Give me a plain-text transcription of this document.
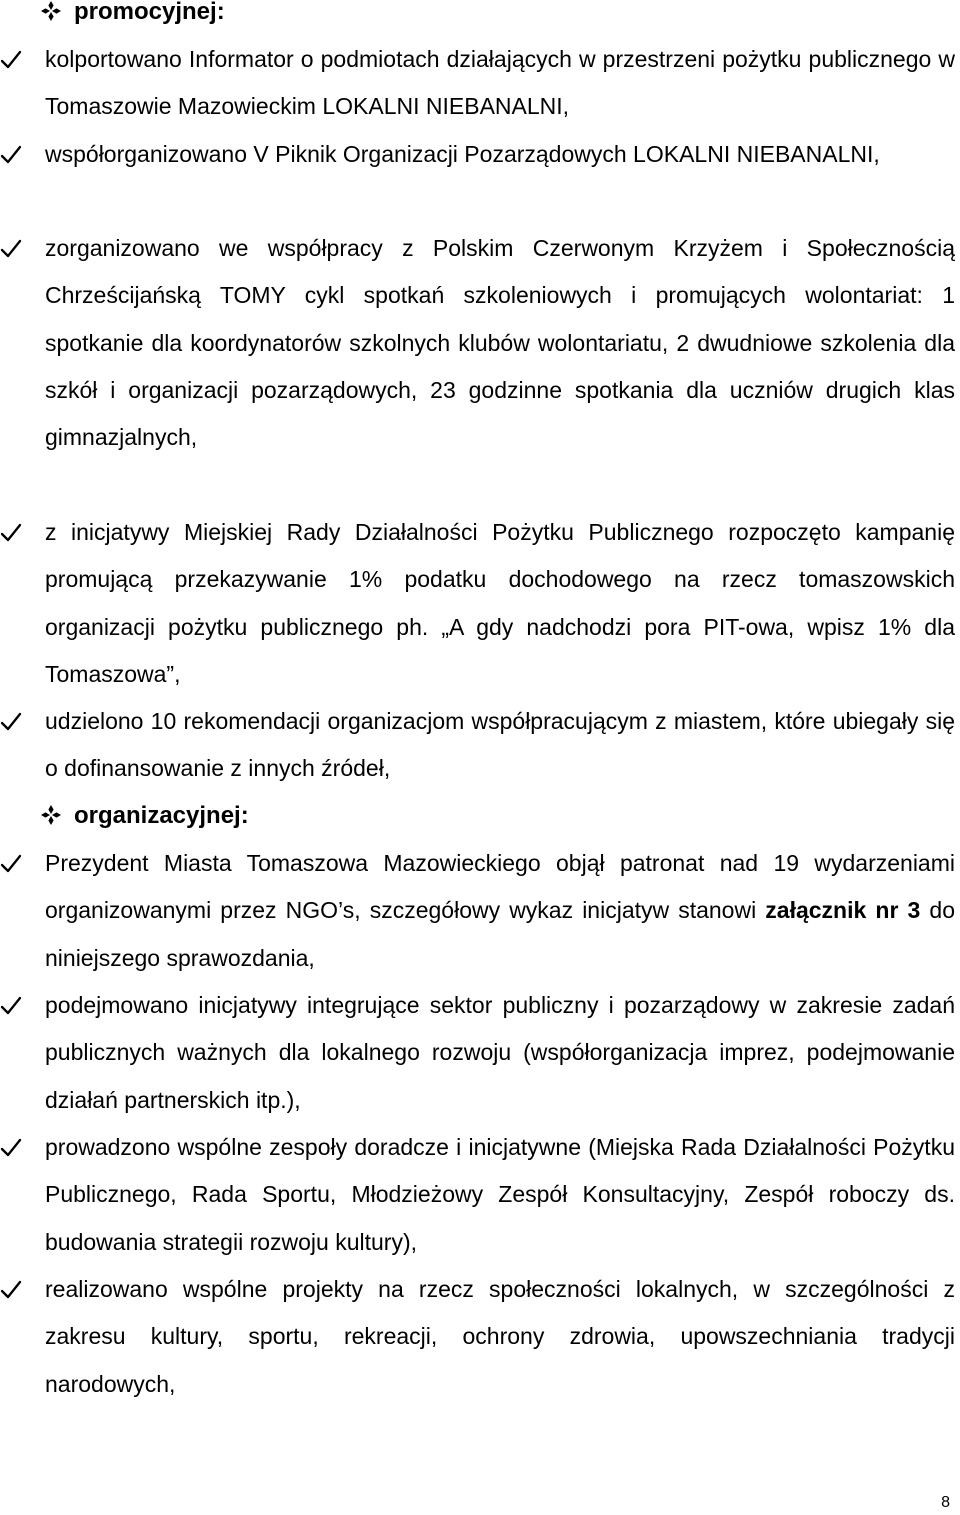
promocyjnej:

kolportowano Informator o podmiotach działających w przestrzeni pożytku publicznego w Tomaszowie Mazowieckim LOKALNI NIEBANALNI,

współorganizowano V Piknik Organizacji Pozarządowych LOKALNI NIEBANALNI,

zorganizowano we współpracy z Polskim Czerwonym Krzyżem i Społecznością Chrześcijańską TOMY cykl spotkań szkoleniowych i promujących wolontariat: 1 spotkanie dla koordynatorów szkolnych klubów wolontariatu, 2 dwudniowe szkolenia dla szkół i organizacji pozarządowych, 23 godzinne spotkania dla uczniów drugich klas gimnazjalnych,

z inicjatywy Miejskiej Rady Działalności Pożytku Publicznego rozpoczęto kampanię promującą przekazywanie 1% podatku dochodowego na rzecz tomaszowskich organizacji pożytku publicznego ph. „A gdy nadchodzi pora PIT-owa, wpisz 1% dla Tomaszowa”,

udzielono 10 rekomendacji organizacjom współpracującym z miastem, które ubiegały się o dofinansowanie z innych źródeł,

organizacyjnej:

Prezydent Miasta Tomaszowa Mazowieckiego objął patronat nad 19 wydarzeniami organizowanymi przez NGO’s, szczegółowy wykaz inicjatyw stanowi załącznik nr 3 do niniejszego sprawozdania,

podejmowano inicjatywy integrujące sektor publiczny i pozarządowy w zakresie zadań publicznych ważnych dla lokalnego rozwoju (współorganizacja imprez, podejmowanie działań partnerskich itp.),

prowadzono wspólne zespoły doradcze i inicjatywne (Miejska Rada Działalności Pożytku Publicznego, Rada Sportu, Młodzieżowy Zespół Konsultacyjny, Zespół roboczy ds. budowania strategii rozwoju kultury),

realizowano wspólne projekty na rzecz społeczności lokalnych, w szczególności z zakresu kultury, sportu, rekreacji, ochrony zdrowia, upowszechniania tradycji narodowych,

8
